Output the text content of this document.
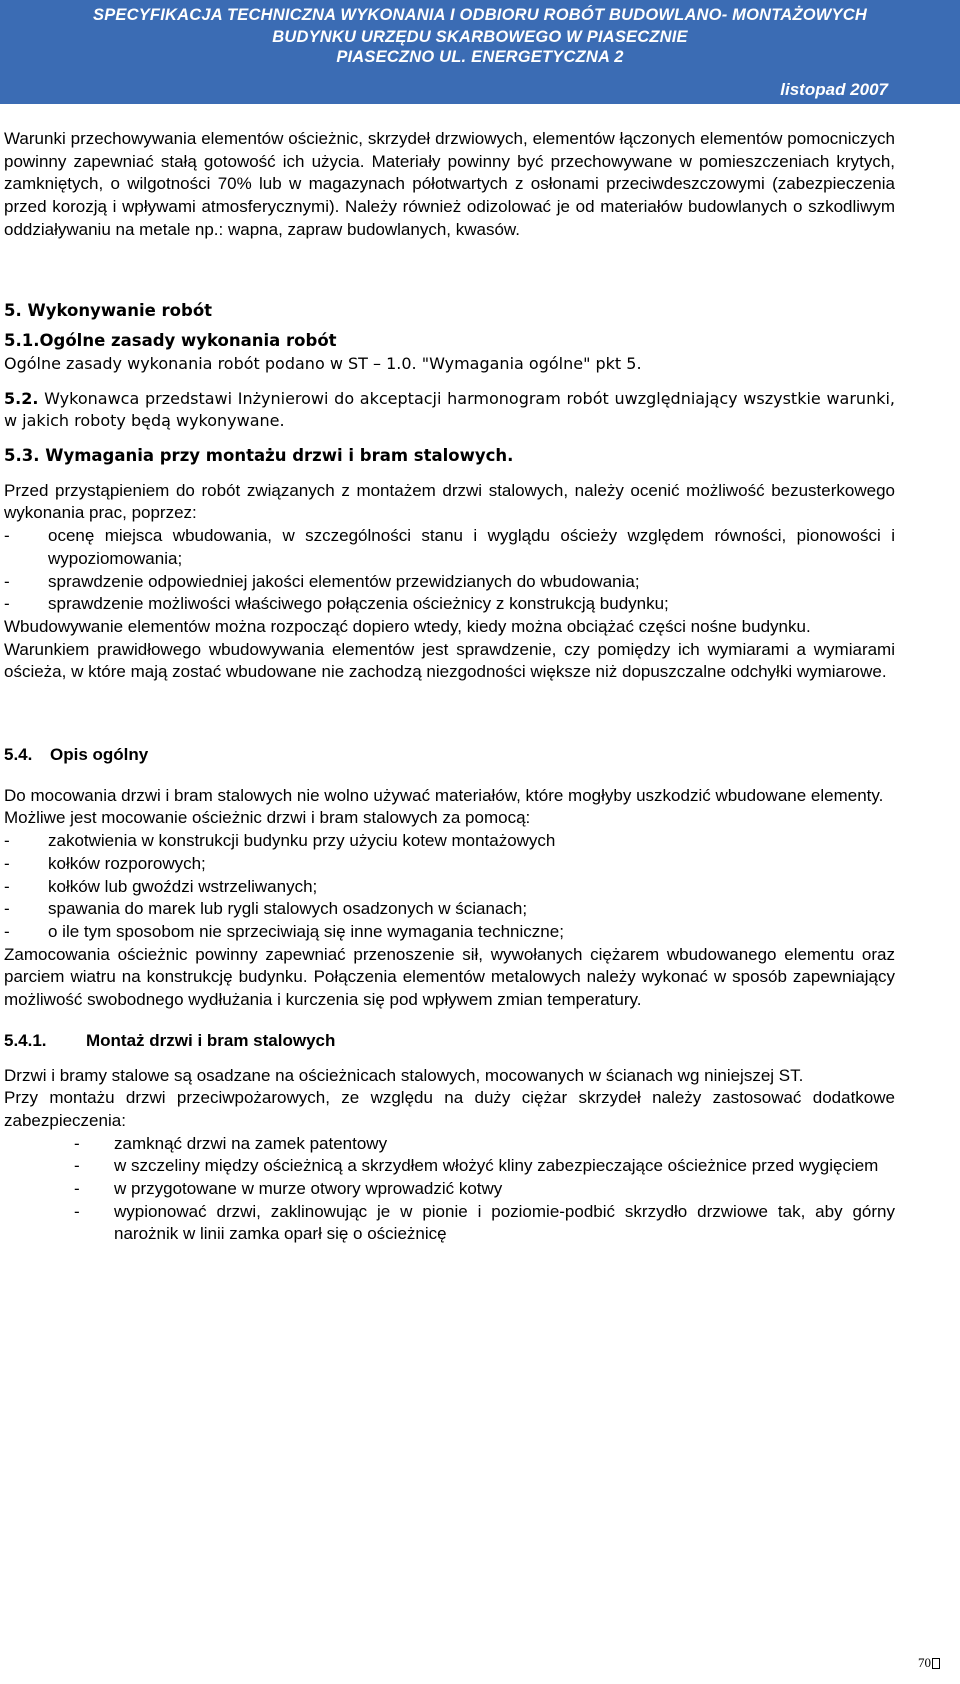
SPECYFIKACJA TECHNICZNA WYKONANIA I ODBIORU ROBÓT BUDOWLANO- MONTAŻOWYCH
BUDYNKU URZĘDU SKARBOWEGO W PIASECZNIE
PIASECZNO UL. ENERGETYCZNA 2
listopad 2007

Warunki przechowywania elementów ościeżnic, skrzydeł drzwiowych, elementów łączonych elementów pomocniczych powinny zapewniać stałą gotowość ich użycia. Materiały powinny być przechowywane w pomieszczeniach krytych, zamkniętych, o wilgotności 70% lub w magazynach półotwartych z osłonami przeciwdeszczowymi (zabezpieczenia przed korozją i wpływami atmosferycznymi). Należy również odizolować je od materiałów budowlanych o szkodliwym oddziaływaniu na metale np.: wapna, zapraw budowlanych, kwasów.

5. Wykonywanie robót
5.1.Ogólne zasady wykonania robót

Ogólne zasady wykonania robót podano w ST – 1.0. "Wymagania ogólne" pkt 5.

5.2. Wykonawca przedstawi Inżynierowi do akceptacji harmonogram robót uwzględniający wszystkie warunki, w jakich roboty będą wykonywane.

5.3. Wymagania przy montażu drzwi i bram stalowych.

Przed przystąpieniem do robót związanych z montażem drzwi stalowych, należy ocenić możliwość bezusterkowego wykonania prac, poprzez:

-	ocenę miejsca wbudowania, w szczególności stanu i wyglądu ościeży względem równości, pionowości i wypoziomowania;
-	sprawdzenie odpowiedniej jakości elementów przewidzianych do wbudowania;
-	sprawdzenie możliwości właściwego połączenia ościeżnicy z konstrukcją budynku;

Wbudowywanie elementów można rozpocząć dopiero wtedy, kiedy można obciążać części nośne budynku.

Warunkiem prawidłowego wbudowywania elementów jest sprawdzenie, czy pomiędzy ich wymiarami a wymiarami ościeża, w które mają zostać wbudowane nie zachodzą niezgodności większe niż dopuszczalne odchyłki wymiarowe.

5.4.	Opis ogólny

Do mocowania drzwi i bram stalowych nie wolno używać materiałów, które mogłyby uszkodzić wbudowane elementy.

Możliwe jest mocowanie ościeżnic drzwi i bram stalowych za pomocą:

-	zakotwienia w konstrukcji budynku przy użyciu kotew montażowych
-	kołków rozporowych;
-	kołków lub gwoździ wstrzeliwanych;
-	spawania do marek lub rygli stalowych osadzonych w ścianach;
-	o ile tym sposobom nie sprzeciwiają się inne wymagania techniczne;

Zamocowania ościeżnic powinny zapewniać przenoszenie sił, wywołanych ciężarem wbudowanego elementu oraz parciem wiatru na konstrukcję budynku. Połączenia elementów metalowych należy wykonać w sposób zapewniający możliwość swobodnego wydłużania i kurczenia się pod wpływem zmian temperatury.

5.4.1.	Montaż drzwi i bram stalowych

Drzwi i bramy stalowe są osadzane na ościeżnicach stalowych, mocowanych w ścianach wg niniejszej ST.

Przy montażu drzwi przeciwpożarowych, ze względu na duży ciężar skrzydeł należy zastosować dodatkowe zabezpieczenia:

-	zamknąć drzwi na zamek patentowy
-	w szczeliny między ościeżnicą a skrzydłem włożyć kliny zabezpieczające ościeżnice przed wygięciem
-	w przygotowane w murze otwory wprowadzić kotwy
-	wypionować drzwi, zaklinowując je w pionie i poziomie-podbić skrzydło drzwiowe tak, aby górny narożnik w linii zamka oparł się o ościeżnicę
70
